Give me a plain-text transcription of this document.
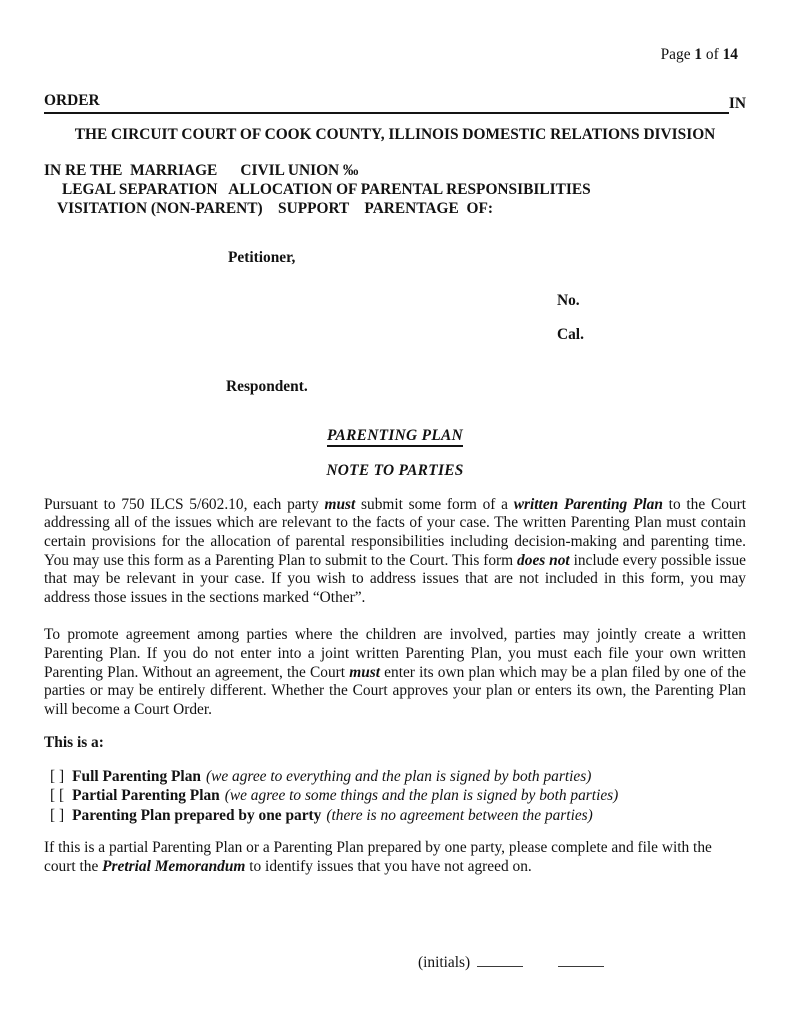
Page 1 of 14
ORDER	IN
THE CIRCUIT COURT OF COOK COUNTY, ILLINOIS DOMESTIC RELATIONS DIVISION
IN RE THE  MARRIAGE      CIVIL UNION ‰
LEGAL SEPARATION   ALLOCATION OF PARENTAL RESPONSIBILITIES
VISITATION (NON-PARENT)    SUPPORT    PARENTAGE  OF:
Petitioner,
No.
Cal.
Respondent.
PARENTING PLAN
NOTE TO PARTIES

Pursuant to 750 ILCS 5/602.10, each party must submit some form of a written Parenting Plan to the Court addressing all of the issues which are relevant to the facts of your case. The written Parenting Plan must contain certain provisions for the allocation of parental responsibilities including decision-making and parenting time. You may use this form as a Parenting Plan to submit to the Court. This form does not include every possible issue that may be relevant in your case. If you wish to address issues that are not included in this form, you may address those issues in the sections marked “Other”.

To promote agreement among parties where the children are involved, parties may jointly create a written Parenting Plan. If you do not enter into a joint written Parenting Plan, you must each file your own written Parenting Plan. Without an agreement, the Court must enter its own plan which may be a plan filed by one of the parties or may be entirely different. Whether the Court approves your plan or enters its own, the Parenting Plan will become a Court Order.

This is a:
[ ] Full Parenting Plan (we agree to everything and the plan is signed by both parties)
[ [ Partial Parenting Plan (we agree to some things and the plan is signed by both parties)
[ ] Parenting Plan prepared by one party (there is no agreement between the parties)

If this is a partial Parenting Plan or a Parenting Plan prepared by one party, please complete and file with the court the Pretrial Memorandum to identify issues that you have not agreed on.

(initials)
